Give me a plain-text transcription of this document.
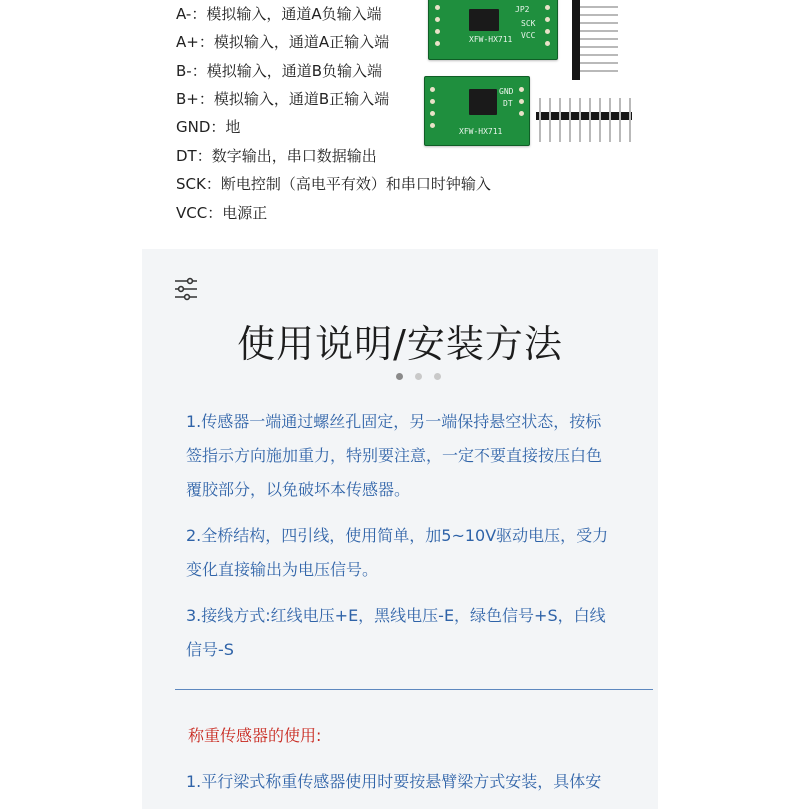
A-：模拟输入，通道A负输入端
A+：模拟输入，通道A正输入端
B-：模拟输入，通道B负输入端
B+：模拟输入，通道B正输入端
GND：地
DT：数字输出，串口数据输出
SCK：断电控制（高电平有效）和串口时钟输入
VCC：电源正
JP2
SCK
VCC
XFW-HX711
GND
DT
XFW-HX711
使用说明/安装方法
1.传感器一端通过螺丝孔固定，另一端保持悬空状态，按标
签指示方向施加重力，特别要注意，一定不要直接按压白色
覆胶部分，以免破坏本传感器。
2.全桥结构，四引线，使用简单，加5~10V驱动电压，受力
变化直接输出为电压信号。
3.接线方式:红线电压+E，黑线电压-E，绿色信号+S，白线
信号-S
称重传感器的使用:
1.平行梁式称重传感器使用时要按悬臂梁方式安装，具体安
